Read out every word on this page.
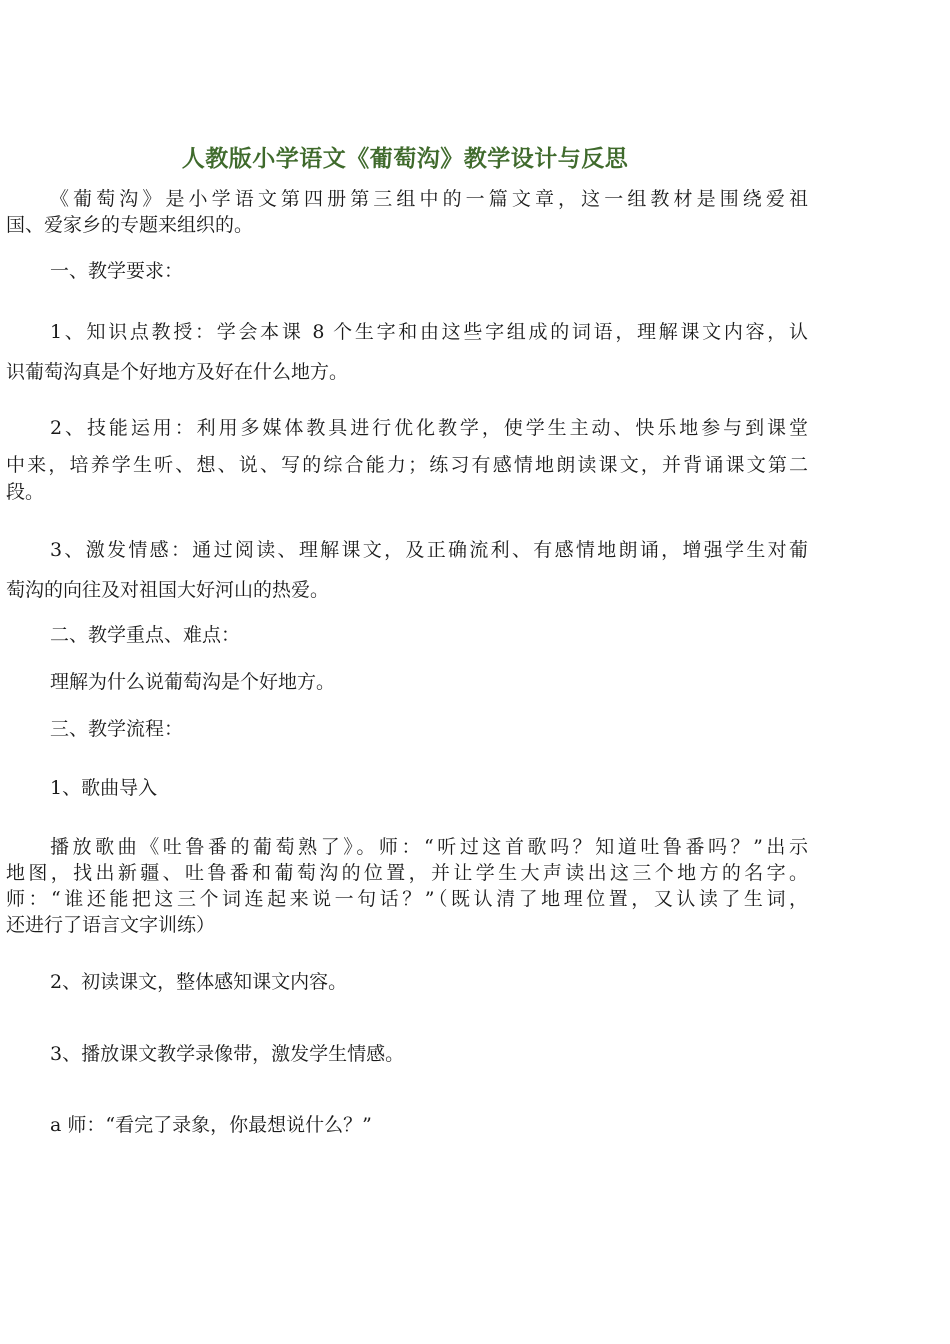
人教版小学语文《葡萄沟》教学设计与反思
《葡萄沟》是小学语文第四册第三组中的一篇文章，这一组教材是围绕爱祖
国、爱家乡的专题来组织的。
一、教学要求：
1、知识点教授：学会本课 8 个生字和由这些字组成的词语，理解课文内容，认
识葡萄沟真是个好地方及好在什么地方。
2、技能运用：利用多媒体教具进行优化教学，使学生主动、快乐地参与到课堂
中来，培养学生听、想、说、写的综合能力；练习有感情地朗读课文，并背诵课文第二
段。
3、激发情感：通过阅读、理解课文，及正确流利、有感情地朗诵，增强学生对葡
萄沟的向往及对祖国大好河山的热爱。
二、教学重点、难点：
理解为什么说葡萄沟是个好地方。
三、教学流程：
1、歌曲导入
播放歌曲《吐鲁番的葡萄熟了》。师：“听过这首歌吗？知道吐鲁番吗？”出示
地图，找出新疆、吐鲁番和葡萄沟的位置，并让学生大声读出这三个地方的名字。
师：“谁还能把这三个词连起来说一句话？”（既认清了地理位置，又认读了生词，
还进行了语言文字训练）
2、初读课文，整体感知课文内容。
3、播放课文教学录像带，激发学生情感。
a 师：“看完了录象，你最想说什么？”
